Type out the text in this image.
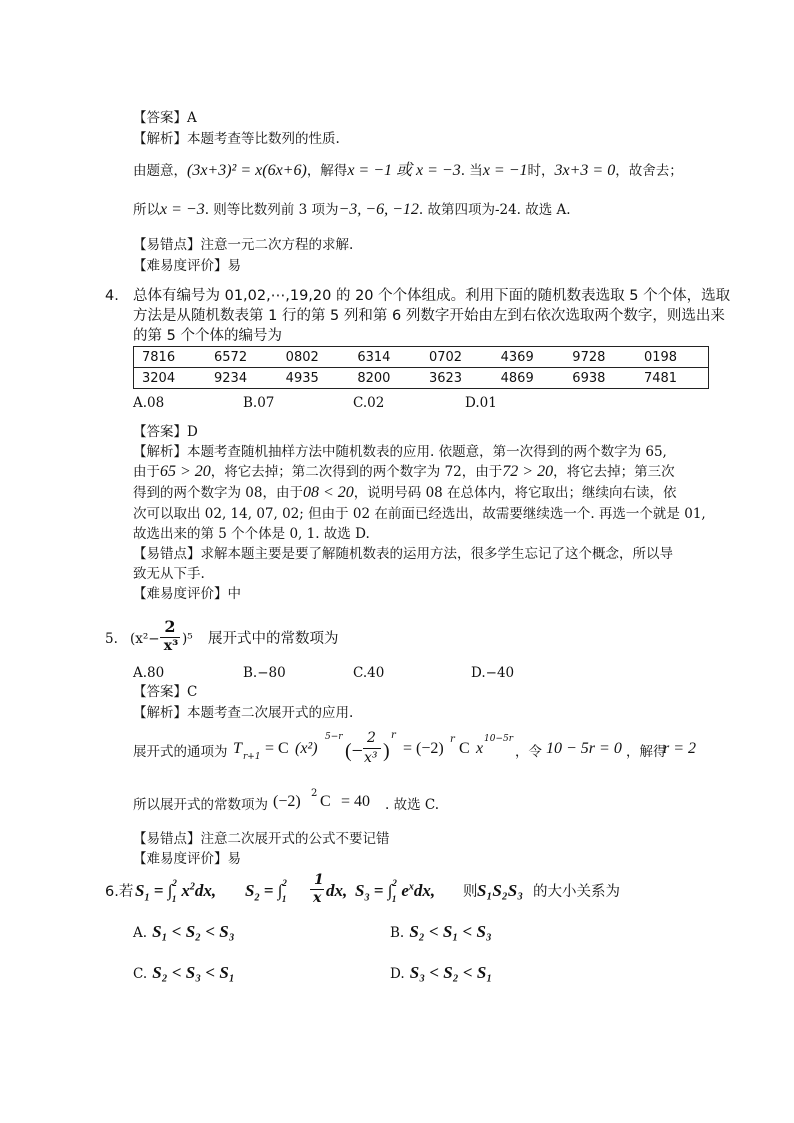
【答案】A
【解析】本题考查等比数列的性质.
由题意，(3x+3)² = x(6x+6)，解得x = −1 或 x = −3. 当x = −1时，3x+3 = 0，故舍去；
所以x = −3. 则等比数列前 3 项为−3, −6, −12. 故第四项为-24. 故选 A.
【易错点】注意一元二次方程的求解.
【难易度评价】易
4. 总体有编号为 01,02,⋯,19,20 的 20 个个体组成。利用下面的随机数表选取 5 个个体，选取
方法是从随机数表第 1 行的第 5 列和第 6 列数字开始由左到右依次选取两个数字，则选出来
的第 5 个个体的编号为
7816	6572	0802	6314	0702	4369	9728	0198
3204	9234	4935	8200	3623	4869	6938	7481
A.08	B.07	C.02	D.01
【答案】D
【解析】本题考查随机抽样方法中随机数表的应用. 依题意，第一次得到的两个数字为 65,
由于65 > 20，将它去掉；第二次得到的两个数字为 72，由于72 > 20，将它去掉；第三次
得到的两个数字为 08，由于08 < 20，说明号码 08 在总体内，将它取出；继续向右读，依
次可以取出 02, 14, 07, 02; 但由于 02 在前面已经选出，故需要继续选一个. 再选一个就是 01,
故选出来的第 5 个个体是 0, 1. 故选 D.
【易错点】求解本题主要是要了解随机数表的运用方法，很多学生忘记了这个概念，所以导
致无从下手.
【难易度评价】中
5. (x²−
2
x³ )⁵ 展开式中的常数项为
A.80	B.−80	C.40	D.−40
【答案】C
【解析】本题考查二次展开式的应用.
展开式的通项为 T r+1 = C (x²)
5−r
(−
2
x³ )
r
= (−2)
r
C x
10−5r
，令 10 − 5r = 0 ，解得
r = 2
所以展开式的常数项为 (−2) 2 C = 40 . 故选 C.
【易错点】注意二次展开式的公式不要记错
【难易度评价】易
6.若 $S_1 = \int^2_1$ $x^2dx$, $S_2 = \int^2_1$
1
x dx, $S_3 = \int^2_1$ $e^xdx$, 则 S₁S₂S₃ 的大小关系为
A. S₁ < S₂ < S₃	B. S₂ < S₁ < S₃
C. S₂ < S₃ < S₁	D. S₃ < S₂ < S₁
